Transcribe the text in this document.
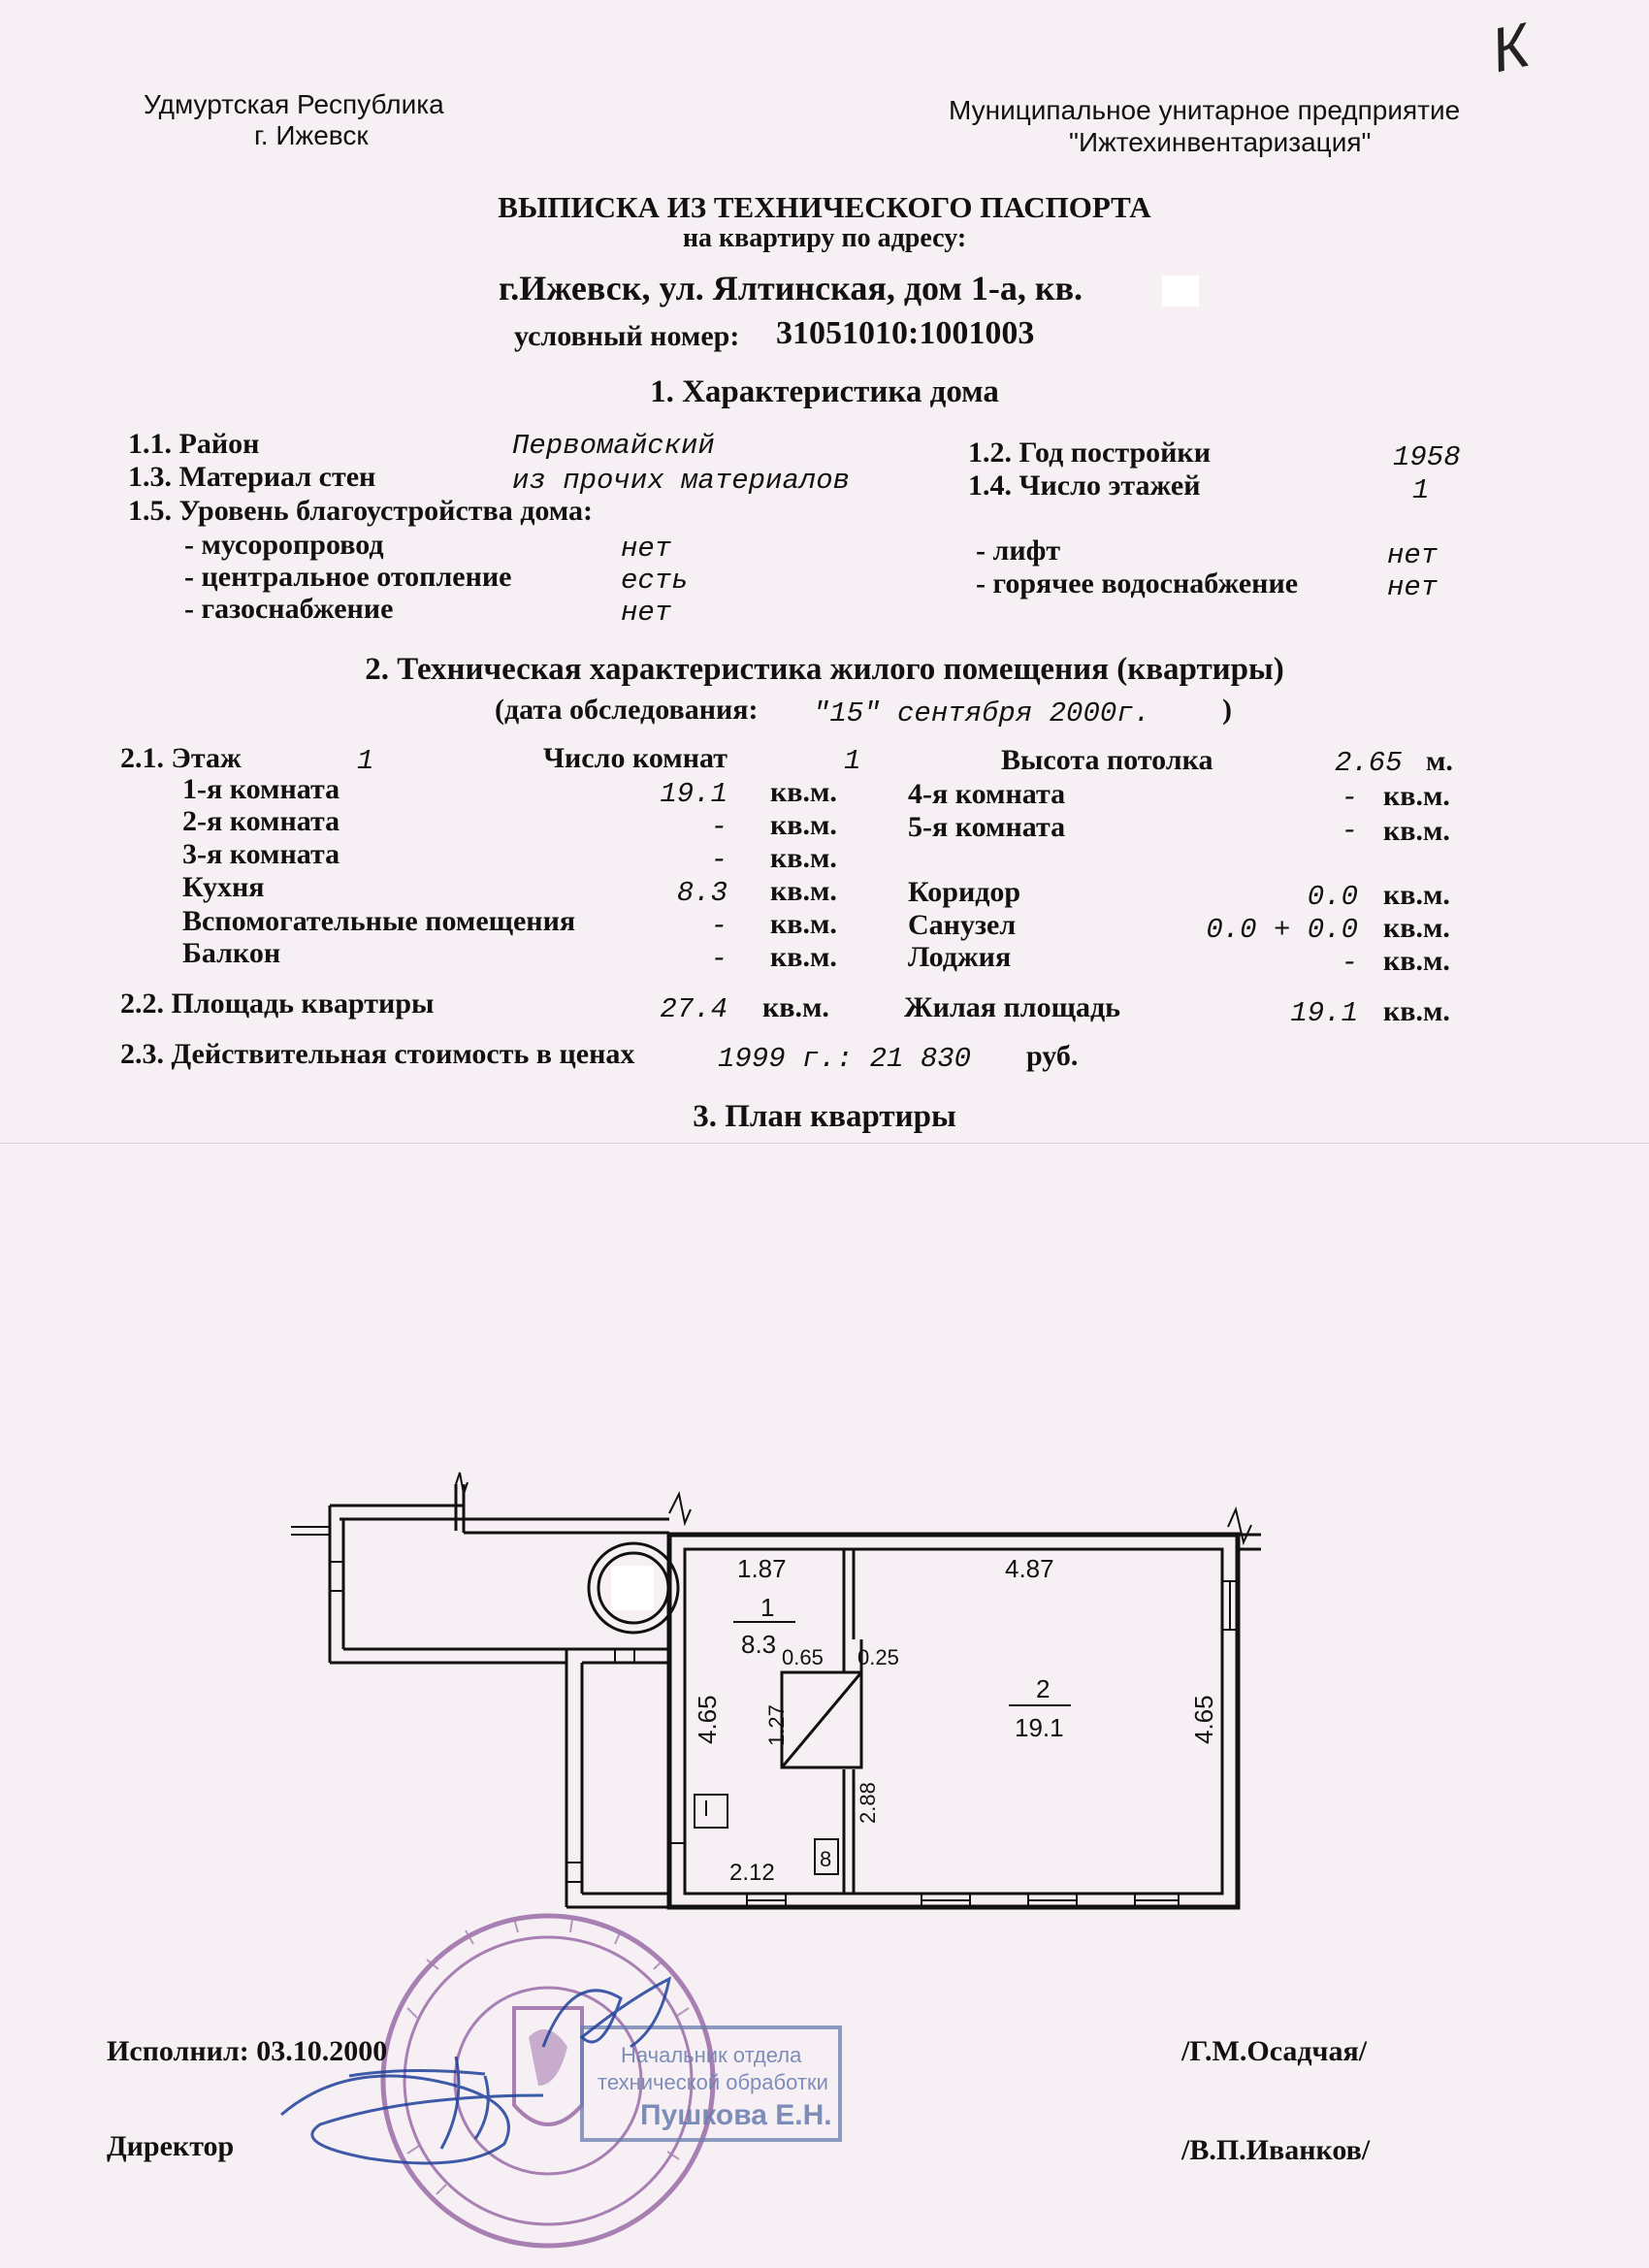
Удмуртская Республика
г. Ижевск
Муниципальное унитарное предприятие
"Ижтехинвентаризация"
К
ВЫПИСКА ИЗ ТЕХНИЧЕСКОГО ПАСПОРТА
на квартиру по адресу:
г.Ижевск, ул. Ялтинская, дом 1-а, кв.
условный номер: 31051010:1001003
1. Характеристика дома
1.1. Район	Первомайский	1.2. Год постройки	1958
1.3. Материал стен	из прочих материалов	1.4. Число этажей	1
1.5. Уровень благоустройства дома:
- мусоропровод	нет	- лифт	нет
- центральное отопление	есть	- горячее водоснабжение	нет
- газоснабжение	нет
2. Техническая характеристика жилого помещения (квартиры)
(дата обследования: "15" сентября 2000г. )
2.1. Этаж	1	Число комнат	1	Высота потолка	2.65 м.
1-я комната	19.1 кв.м.
2-я комната	- кв.м.
3-я комната	- кв.м.
Кухня	8.3 кв.м.
Вспомогательные помещения	- кв.м.
Балкон	- кв.м.
4-я комната	- кв.м.
5-я комната	- кв.м.
Коридор	0.0 кв.м.
Санузел	0.0 + 0.0 кв.м.
Лоджия	- кв.м.
2.2. Площадь квартиры	27.4 кв.м.	Жилая площадь	19.1 кв.м.
2.3. Действительная стоимость в ценах	1999 г.: 21 830 руб.
3. План квартиры
1.87
1
8.3
4.87
2
19.1
0.65 0.25
1.27
2.88
4.65	4.65
2.12
8
Начальник отдела
технической обработки
Пушкова Е.Н.
Исполнил: 03.10.2000	/Г.М.Осадчая/
Директор	/В.П.Иванков/
